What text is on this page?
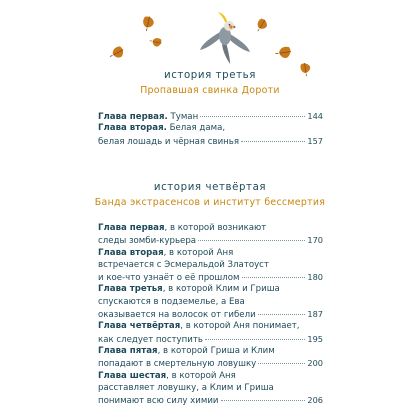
история третья
Пропавшая свинка Дороти
Глава первая. Туман	144
Глава вторая. Белая дама,
белая лошадь и чёрная свинья	157
история четвёртая
Банда экстрасенсов и институт бессмертия
Глава первая, в которой возникают
следы зомби-курьера	170
Глава вторая, в которой Аня
встречается с Эсмеральдой Златоуст
и кое-что узнаёт о её прошлом	180
Глава третья, в которой Клим и Гриша
спускаются в подземелье, а Ева
оказывается на волосок от гибели	187
Глава четвёртая, в которой Аня понимает,
как следует поступить	195
Глава пятая, в которой Гриша и Клим
попадают в смертельную ловушку	200
Глава шестая, в которой Аня
расставляет ловушку, а Клим и Гриша
понимают всю силу химии	206
